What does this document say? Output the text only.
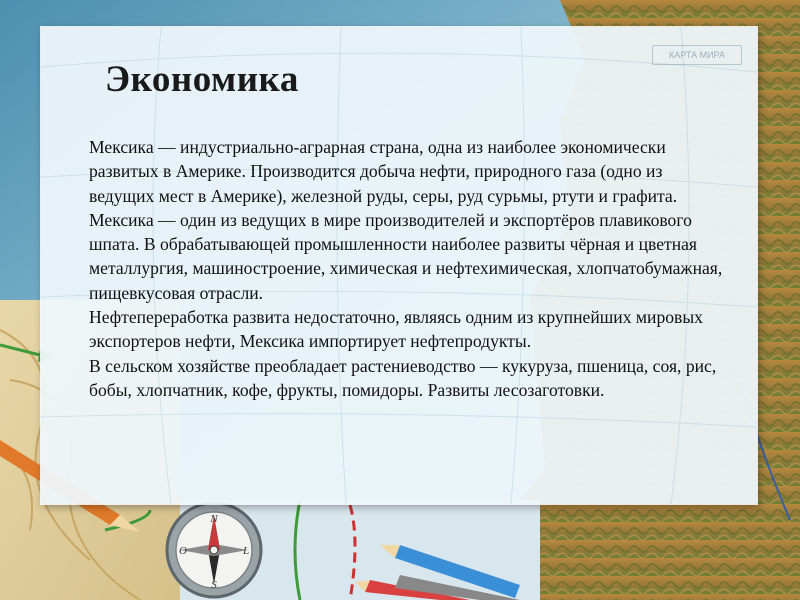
N
S
O	L
КАРТА МИРА
Экономика

Мексика — индустриально-аграрная страна, одна из наиболее экономически развитых в Америке. Производится добыча нефти, природного газа (одно из ведущих мест в Америке), железной руды, серы, руд сурьмы, ртути и графита.

Мексика — один из ведущих в мире производителей и экспортёров плавикового шпата. В обрабатывающей промышленности наиболее развиты чёрная и цветная металлургия, машиностроение, химическая и нефтехимическая, хлопчатобумажная, пищевкусовая отрасли.

Нефтепереработка развита недостаточно, являясь одним из крупнейших мировых экспортеров нефти, Мексика импортирует нефтепродукты.

В сельском хозяйстве преобладает растениеводство — кукуруза, пшеница, соя, рис, бобы, хлопчатник, кофе, фрукты, помидоры. Развиты лесозаготовки.
